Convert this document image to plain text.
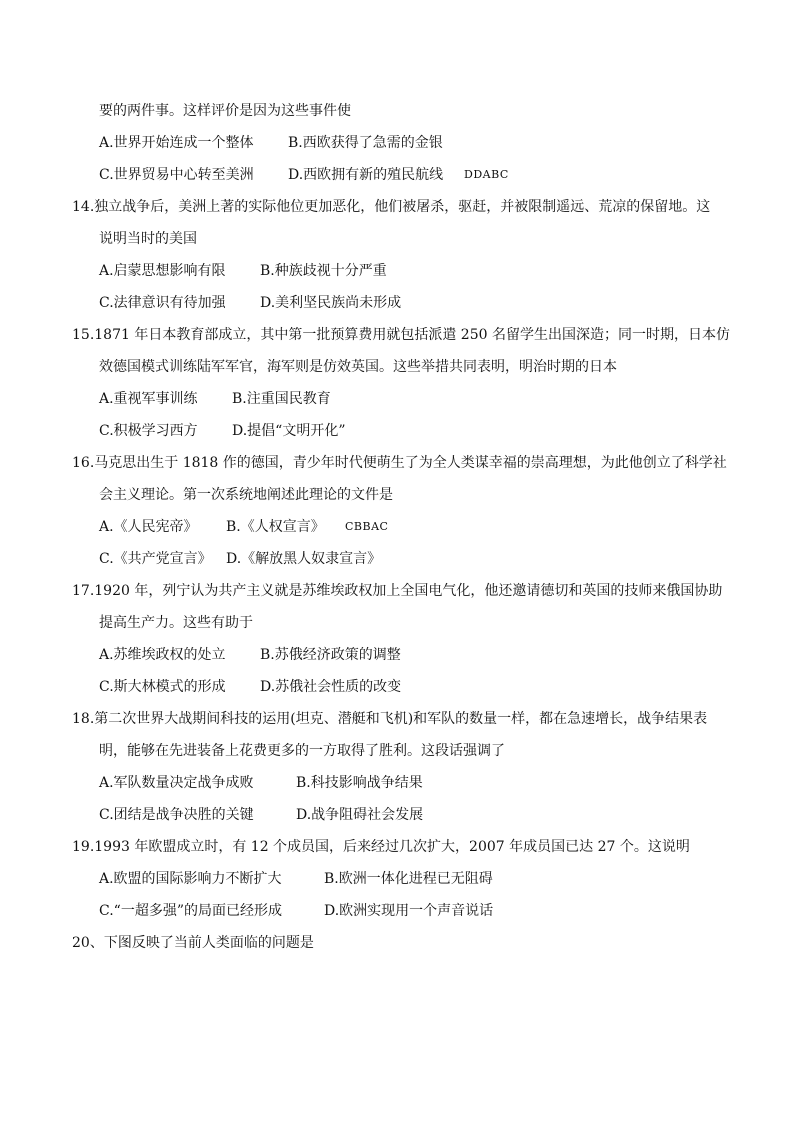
要的两件事。这样评价是因为这些事件使
A.世界开始连成一个整体 B.西欧获得了急需的金银
C.世界贸易中心转至美洲 D.西欧拥有新的殖民航线 DDABC
14.独立战争后，美洲上著的实际他位更加恶化，他们被屠杀，驱赶，并被限制遥远、荒凉的保留地。这
说明当时的美国
A.启蒙思想影响有限 B.种族歧视十分严重
C.法律意识有待加强 D.美利坚民族尚未形成
15.1871 年日本教育部成立，其中第一批预算费用就包括派遣 250 名留学生出国深造；同一时期，日本仿
效德国模式训练陆军军官，海军则是仿效英国。这些举措共同表明，明治时期的日本
A.重视军事训练 B.注重国民教育
C.积极学习西方 D.提倡“文明开化”
16.马克思出生于 1818 作的德国，青少年时代便萌生了为全人类谋幸福的崇高理想，为此他创立了科学社
会主义理论。第一次系统地阐述此理论的文件是
A.《人民宪帝》 B.《人权宣言》 CBBAC
C.《共产党宣言》 D.《解放黑人奴隶宣言》
17.1920 年，列宁认为共产主义就是苏维埃政权加上全国电气化，他还邀请德切和英国的技师来俄国协助
提高生产力。这些有助于
A.苏维埃政权的处立 B.苏俄经济政策的调整
C.斯大林模式的形成 D.苏俄社会性质的改变
18.第二次世界大战期间科技的运用(坦克、潜艇和飞机)和军队的数量一样，都在急速增长，战争结果表
明，能够在先进装备上花费更多的一方取得了胜利。这段话强调了
A.军队数量决定战争成败	B.科技影响战争结果
C.团结是战争决胜的关键	D.战争阻碍社会发展
19.1993 年欧盟成立时，有 12 个成员国，后来经过几次扩大，2007 年成员国已达 27 个。这说明
A.欧盟的国际影响力不断扩大	B.欧洲一体化进程已无阻碍
C.“一超多强”的局面已经形成	D.欧洲实现用一个声音说话
20、下图反映了当前人类面临的问题是
